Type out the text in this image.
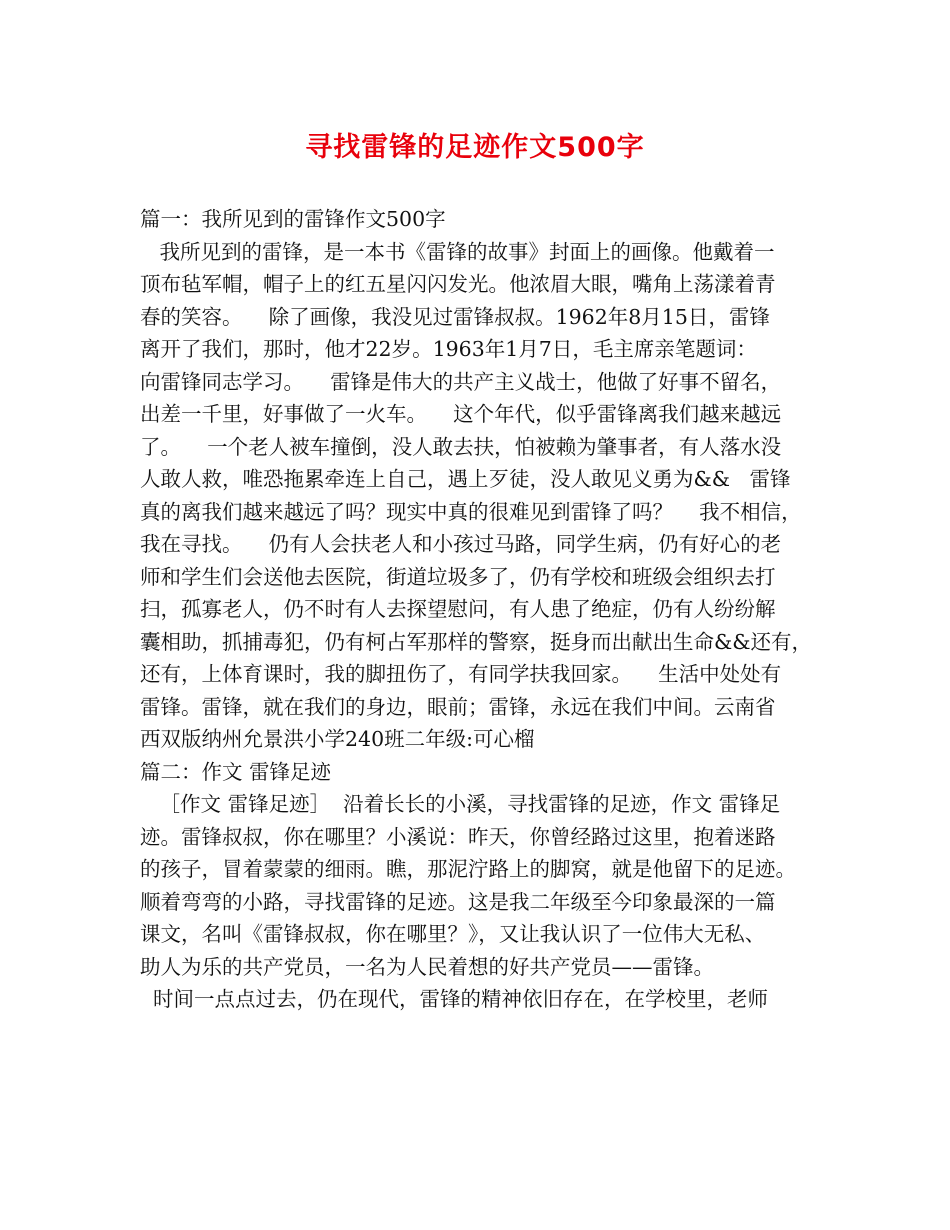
寻找雷锋的足迹作文500字
篇一：我所见到的雷锋作文500字
我所见到的雷锋，是一本书《雷锋的故事》封面上的画像。他戴着一
顶布毡军帽，帽子上的红五星闪闪发光。他浓眉大眼，嘴角上荡漾着青
春的笑容。    除了画像，我没见过雷锋叔叔。1962年8月15日，雷锋
离开了我们，那时，他才22岁。1963年1月7日，毛主席亲笔题词：
向雷锋同志学习。    雷锋是伟大的共产主义战士，他做了好事不留名，
出差一千里，好事做了一火车。    这个年代，似乎雷锋离我们越来越远
了。    一个老人被车撞倒，没人敢去扶，怕被赖为肇事者，有人落水没
人敢人救，唯恐拖累牵连上自己，遇上歹徒，没人敢见义勇为&&   雷锋
真的离我们越来越远了吗？现实中真的很难见到雷锋了吗？    我不相信，
我在寻找。    仍有人会扶老人和小孩过马路，同学生病，仍有好心的老
师和学生们会送他去医院，街道垃圾多了，仍有学校和班级会组织去打
扫，孤寡老人，仍不时有人去探望慰问，有人患了绝症，仍有人纷纷解
囊相助，抓捕毒犯，仍有柯占军那样的警察，挺身而出献出生命&&还有，
还有，上体育课时，我的脚扭伤了，有同学扶我回家。    生活中处处有
雷锋。雷锋，就在我们的身边，眼前；雷锋，永远在我们中间。云南省
西双版纳州允景洪小学240班二年级:可心榴
篇二：作文 雷锋足迹
［作文 雷锋足迹］  沿着长长的小溪，寻找雷锋的足迹，作文 雷锋足
迹。雷锋叔叔，你在哪里？小溪说：昨天，你曾经路过这里，抱着迷路
的孩子，冒着蒙蒙的细雨。瞧，那泥泞路上的脚窝，就是他留下的足迹。
顺着弯弯的小路，寻找雷锋的足迹。这是我二年级至今印象最深的一篇
课文，名叫《雷锋叔叔，你在哪里？》，又让我认识了一位伟大无私、
助人为乐的共产党员，一名为人民着想的好共产党员——雷锋。
时间一点点过去，仍在现代，雷锋的精神依旧存在，在学校里，老师
